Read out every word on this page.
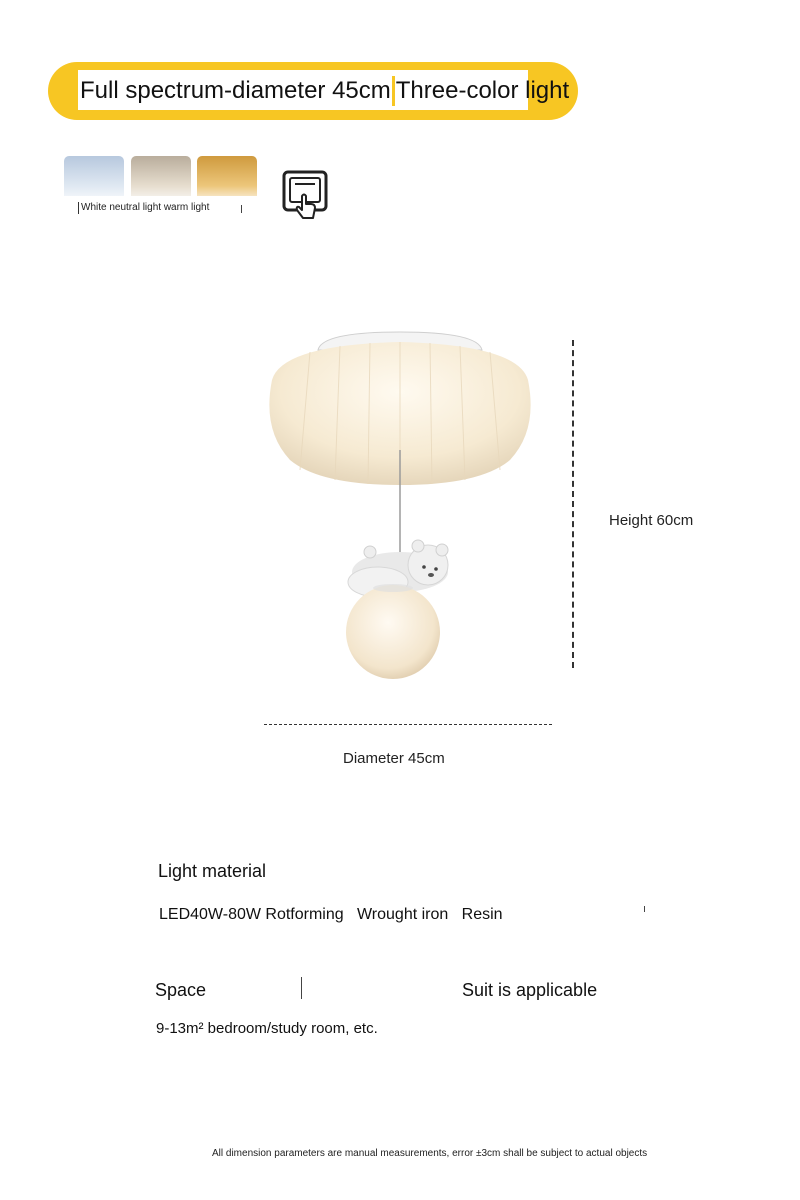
Full spectrum-diameter 45cm Three-color light
White neutral light warm light
Height 60cm
Diameter 45cm
Light material
LED40W-80W Rotforming   Wrought iron   Resin
Space	Suit is applicable
9-13m² bedroom/study room, etc.
All dimension parameters are manual measurements, error ±3cm shall be subject to actual objects
